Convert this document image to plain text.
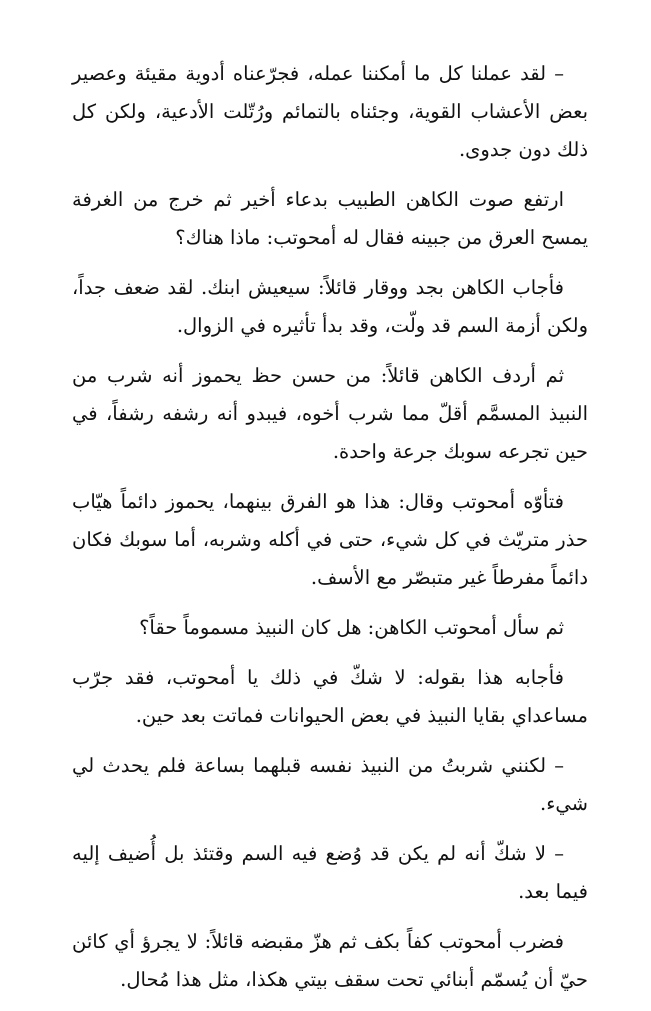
– لقد عملنا كل ما أمكننا عمله، فجرّعناه أدوية مقيئة وعصير بعض الأعشاب القوية، وجئناه بالتمائم ورُتّلت الأدعية، ولكن كل ذلك دون جدوى.

ارتفع صوت الكاهن الطبيب بدعاء أخير ثم خرج من الغرفة يمسح العرق من جبينه فقال له أمحوتب: ماذا هناك؟

فأجاب الكاهن بجد ووقار قائلاً: سيعيش ابنك. لقد ضعف جداً، ولكن أزمة السم قد ولّت، وقد بدأ تأثيره في الزوال.

ثم أردف الكاهن قائلاً: من حسن حظ يحموز أنه شرب من النبيذ المسمَّم أقلّ مما شرب أخوه، فيبدو أنه رشفه رشفاً، في حين تجرعه سوبك جرعة واحدة.

فتأوّه أمحوتب وقال: هذا هو الفرق بينهما، يحموز دائماً هيّاب حذر متريّث في كل شيء، حتى في أكله وشربه، أما سوبك فكان دائماً مفرطاً غير متبصّر مع الأسف.

ثم سأل أمحوتب الكاهن: هل كان النبيذ مسموماً حقاً؟

فأجابه هذا بقوله: لا شكّ في ذلك يا أمحوتب، فقد جرّب مساعداي بقايا النبيذ في بعض الحيوانات فماتت بعد حين.

– لكنني شربتُ من النبيذ نفسه قبلهما بساعة فلم يحدث لي شيء.

– لا شكّ أنه لم يكن قد وُضع فيه السم وقتئذ بل أُضيف إليه فيما بعد.

فضرب أمحوتب كفاً بكف ثم هزّ مقبضه قائلاً: لا يجرؤ أي كائن حيّ أن يُسمّم أبنائي تحت سقف بيتي هكذا، مثل هذا مُحال.
